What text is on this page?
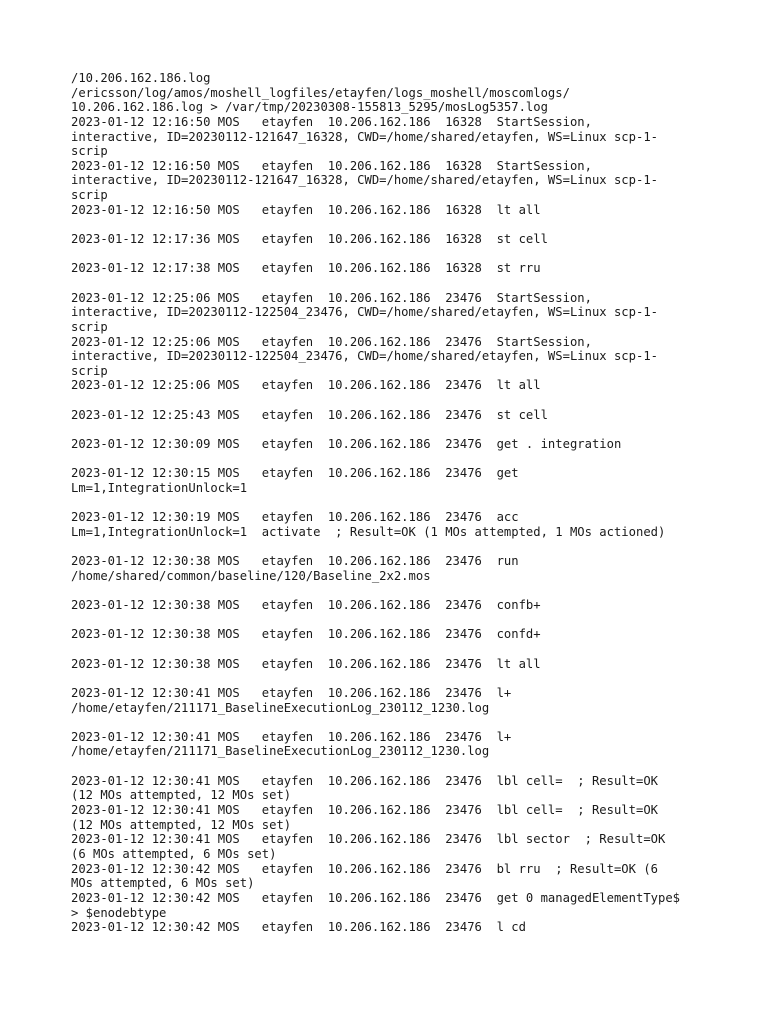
/10.206.162.186.log
/ericsson/log/amos/moshell_logfiles/etayfen/logs_moshell/moscomlogs/
10.206.162.186.log > /var/tmp/20230308-155813_5295/mosLog5357.log
2023-01-12 12:16:50 MOS   etayfen  10.206.162.186  16328  StartSession,
interactive, ID=20230112-121647_16328, CWD=/home/shared/etayfen, WS=Linux scp-1-
scrip
2023-01-12 12:16:50 MOS   etayfen  10.206.162.186  16328  StartSession,
interactive, ID=20230112-121647_16328, CWD=/home/shared/etayfen, WS=Linux scp-1-
scrip
2023-01-12 12:16:50 MOS   etayfen  10.206.162.186  16328  lt all
2023-01-12 12:17:36 MOS   etayfen  10.206.162.186  16328  st cell
2023-01-12 12:17:38 MOS   etayfen  10.206.162.186  16328  st rru
2023-01-12 12:25:06 MOS   etayfen  10.206.162.186  23476  StartSession,
interactive, ID=20230112-122504_23476, CWD=/home/shared/etayfen, WS=Linux scp-1-
scrip
2023-01-12 12:25:06 MOS   etayfen  10.206.162.186  23476  StartSession,
interactive, ID=20230112-122504_23476, CWD=/home/shared/etayfen, WS=Linux scp-1-
scrip
2023-01-12 12:25:06 MOS   etayfen  10.206.162.186  23476  lt all
2023-01-12 12:25:43 MOS   etayfen  10.206.162.186  23476  st cell
2023-01-12 12:30:09 MOS   etayfen  10.206.162.186  23476  get . integration
2023-01-12 12:30:15 MOS   etayfen  10.206.162.186  23476  get
Lm=1,IntegrationUnlock=1
2023-01-12 12:30:19 MOS   etayfen  10.206.162.186  23476  acc
Lm=1,IntegrationUnlock=1  activate  ; Result=OK (1 MOs attempted, 1 MOs actioned)
2023-01-12 12:30:38 MOS   etayfen  10.206.162.186  23476  run
/home/shared/common/baseline/120/Baseline_2x2.mos
2023-01-12 12:30:38 MOS   etayfen  10.206.162.186  23476  confb+
2023-01-12 12:30:38 MOS   etayfen  10.206.162.186  23476  confd+
2023-01-12 12:30:38 MOS   etayfen  10.206.162.186  23476  lt all
2023-01-12 12:30:41 MOS   etayfen  10.206.162.186  23476  l+
/home/etayfen/211171_BaselineExecutionLog_230112_1230.log
2023-01-12 12:30:41 MOS   etayfen  10.206.162.186  23476  l+
/home/etayfen/211171_BaselineExecutionLog_230112_1230.log
2023-01-12 12:30:41 MOS   etayfen  10.206.162.186  23476  lbl cell=  ; Result=OK
(12 MOs attempted, 12 MOs set)
2023-01-12 12:30:41 MOS   etayfen  10.206.162.186  23476  lbl cell=  ; Result=OK
(12 MOs attempted, 12 MOs set)
2023-01-12 12:30:41 MOS   etayfen  10.206.162.186  23476  lbl sector  ; Result=OK
(6 MOs attempted, 6 MOs set)
2023-01-12 12:30:42 MOS   etayfen  10.206.162.186  23476  bl rru  ; Result=OK (6
MOs attempted, 6 MOs set)
2023-01-12 12:30:42 MOS   etayfen  10.206.162.186  23476  get 0 managedElementType$
> $enodebtype
2023-01-12 12:30:42 MOS   etayfen  10.206.162.186  23476  l cd
